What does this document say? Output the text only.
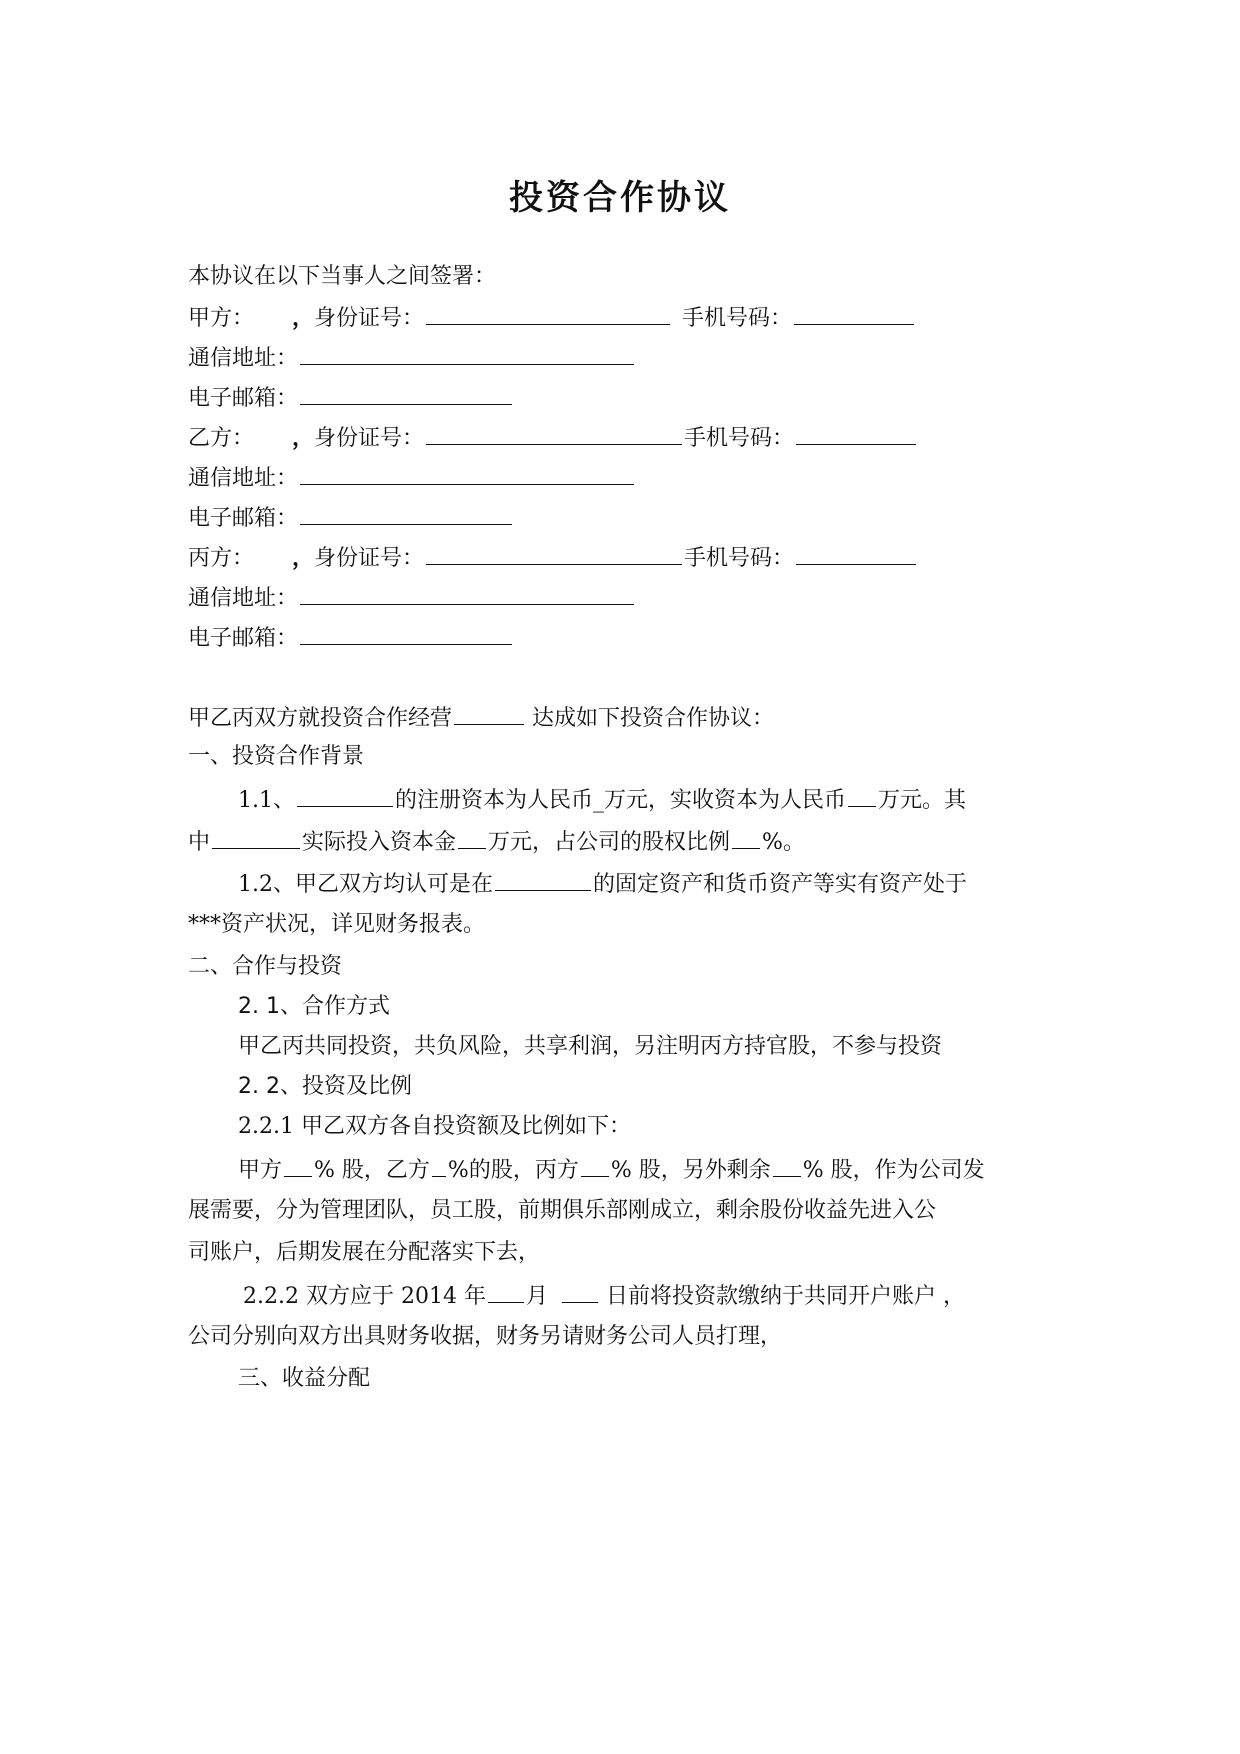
投资合作协议
本协议在以下当事人之间签署：
甲方： ，身份证号：	手机号码：
通信地址：
电子邮箱：
乙方： ，身份证号：	手机号码：
通信地址：
电子邮箱：
丙方： ，身份证号：	手机号码：
通信地址：
电子邮箱：
甲乙丙双方就投资合作经营	达成如下投资合作协议：
一、投资合作背景
1.1、	的注册资本为人民币_万元，实收资本为人民币 万元。其
中	实际投入资本金 万元，占公司的股权比例 %。
1.2、甲乙双方均认可是在	的固定资产和货币资产等实有资产处于
***资产状况，详见财务报表。
二、合作与投资
2. 1、合作方式
甲乙丙共同投资，共负风险，共享利润，另注明丙方持官股，不参与投资
2. 2、投资及比例
2.2.1 甲乙双方各自投资额及比例如下：
甲方 % 股，乙方 %的股，丙方 % 股，另外剩余 % 股，作为公司发
展需要，分为管理团队，员工股，前期俱乐部刚成立，剩余股份收益先进入公
司账户，后期发展在分配落实下去，
2.2.2 双方应于 2014 年 月	日前将投资款缴纳于共同开户账户 ，
公司分别向双方出具财务收据，财务另请财务公司人员打理，
三、收益分配
